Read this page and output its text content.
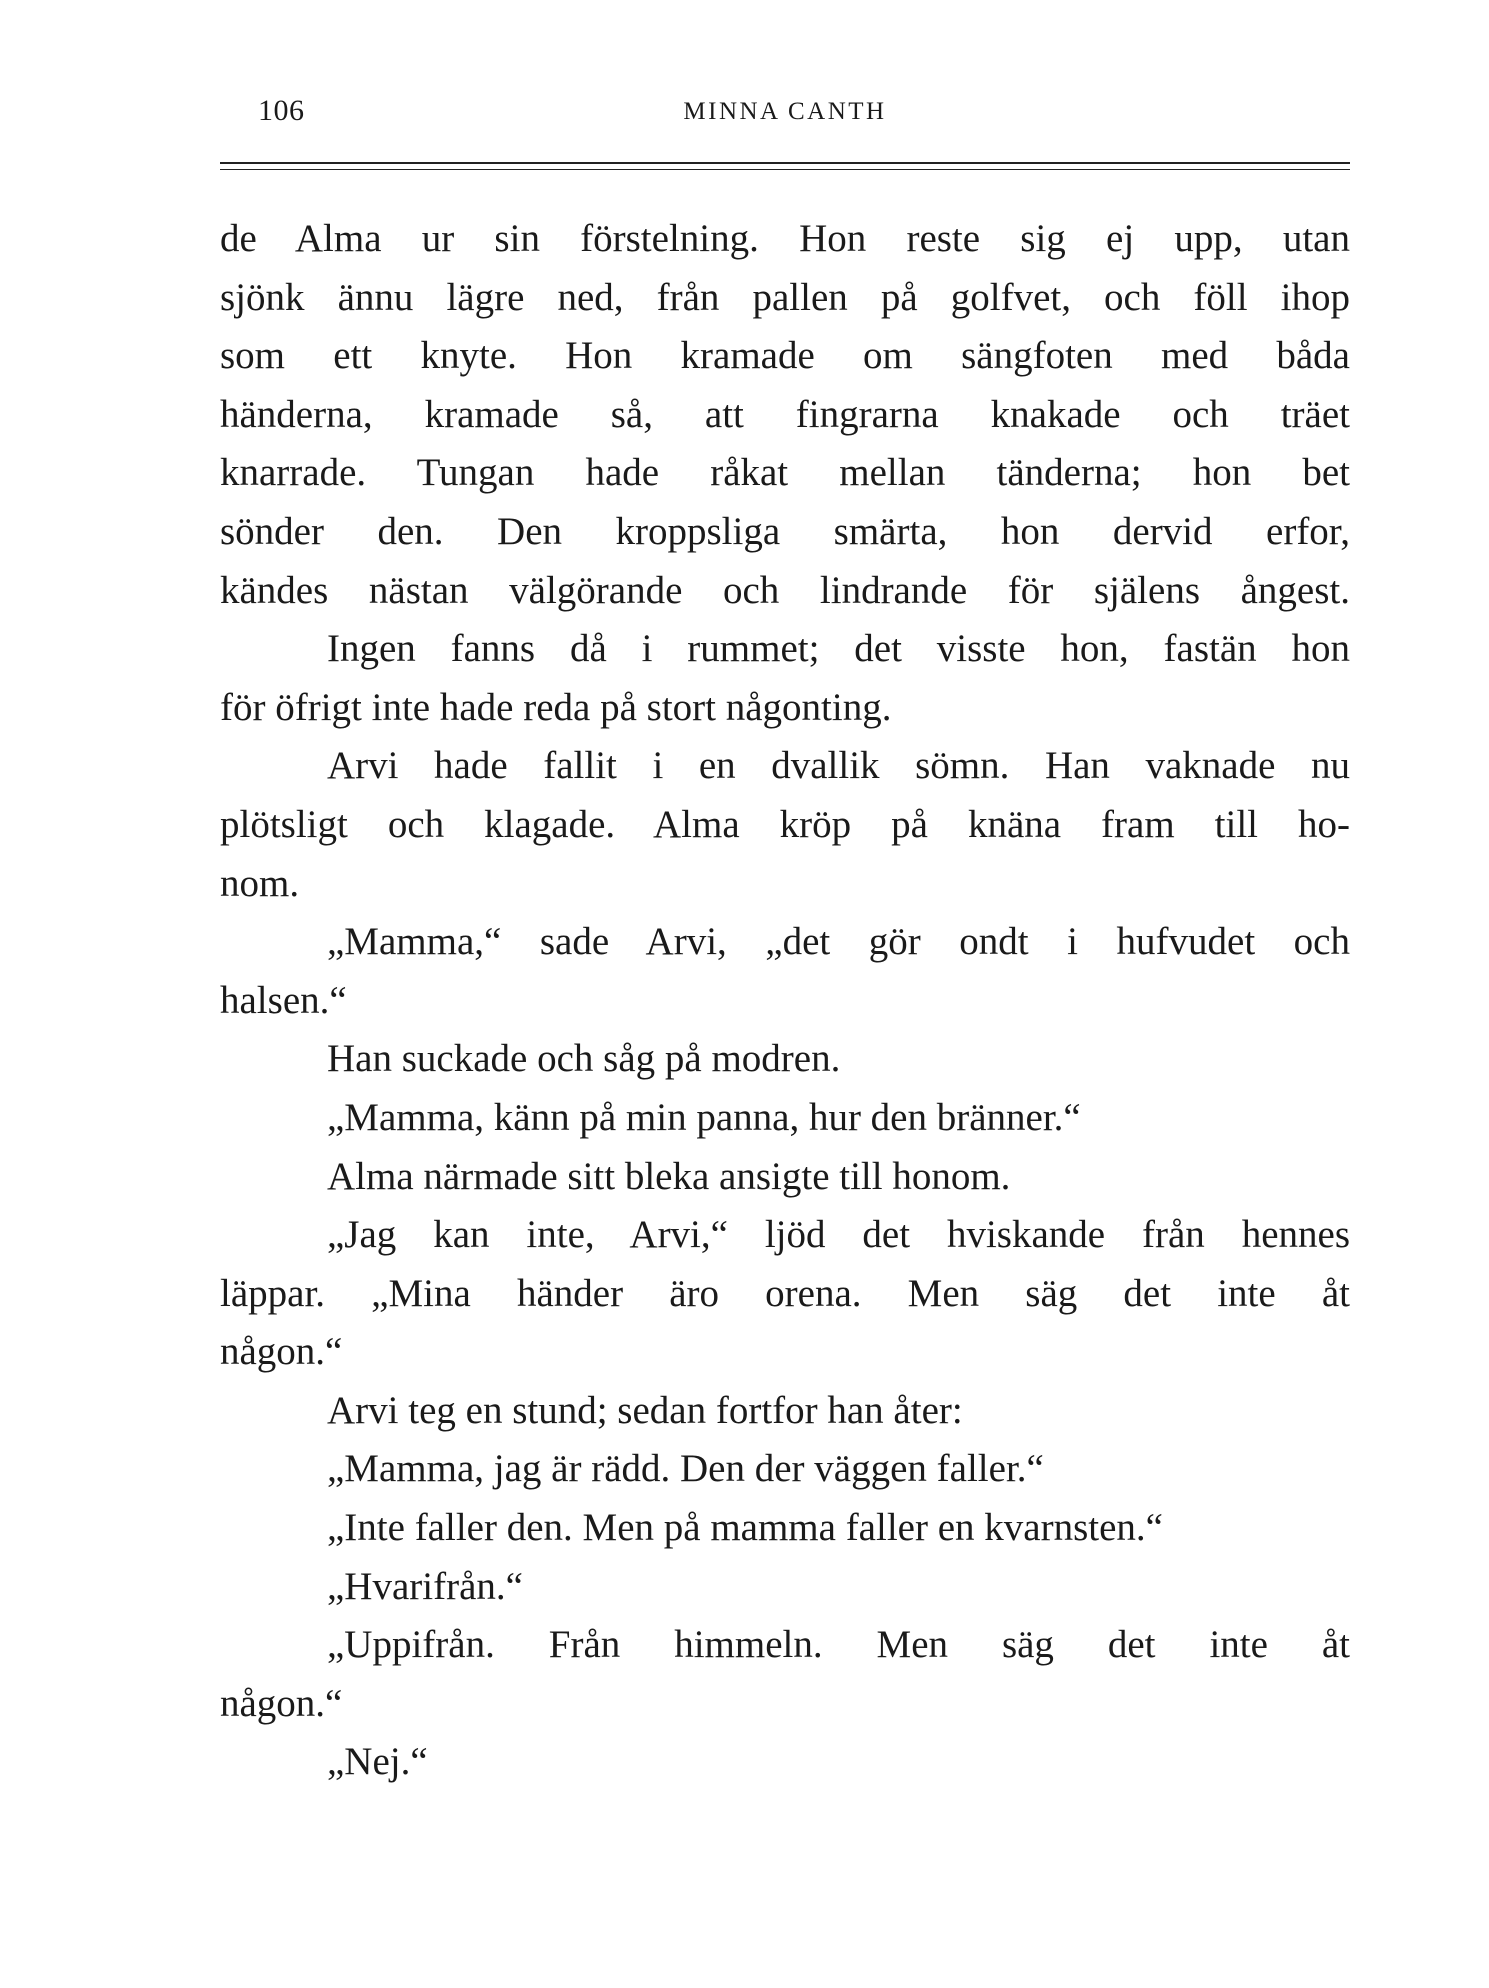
106	MINNA CANTH
de Alma ur sin förstelning. Hon reste sig ej upp, utan
sjönk ännu lägre ned, från pallen på golfvet, och föll ihop
som ett knyte. Hon kramade om sängfoten med båda
händerna, kramade så, att fingrarna knakade och träet
knarrade. Tungan hade råkat mellan tänderna; hon bet
sönder den. Den kroppsliga smärta, hon dervid erfor,
kändes nästan välgörande och lindrande för själens ångest.
Ingen fanns då i rummet; det visste hon, fastän hon
för öfrigt inte hade reda på stort någonting.
Arvi hade fallit i en dvallik sömn. Han vaknade nu
plötsligt och klagade. Alma kröp på knäna fram till ho-
nom.
„Mamma,“ sade Arvi, „det gör ondt i hufvudet och
halsen.“
Han suckade och såg på modren.
„Mamma, känn på min panna, hur den bränner.“
Alma närmade sitt bleka ansigte till honom.
„Jag kan inte, Arvi,“ ljöd det hviskande från hennes
läppar. „Mina händer äro orena. Men säg det inte åt
någon.“
Arvi teg en stund; sedan fortfor han åter:
„Mamma, jag är rädd. Den der väggen faller.“
„Inte faller den. Men på mamma faller en kvarnsten.“
„Hvarifrån.“
„Uppifrån. Från himmeln. Men säg det inte åt
någon.“
„Nej.“
